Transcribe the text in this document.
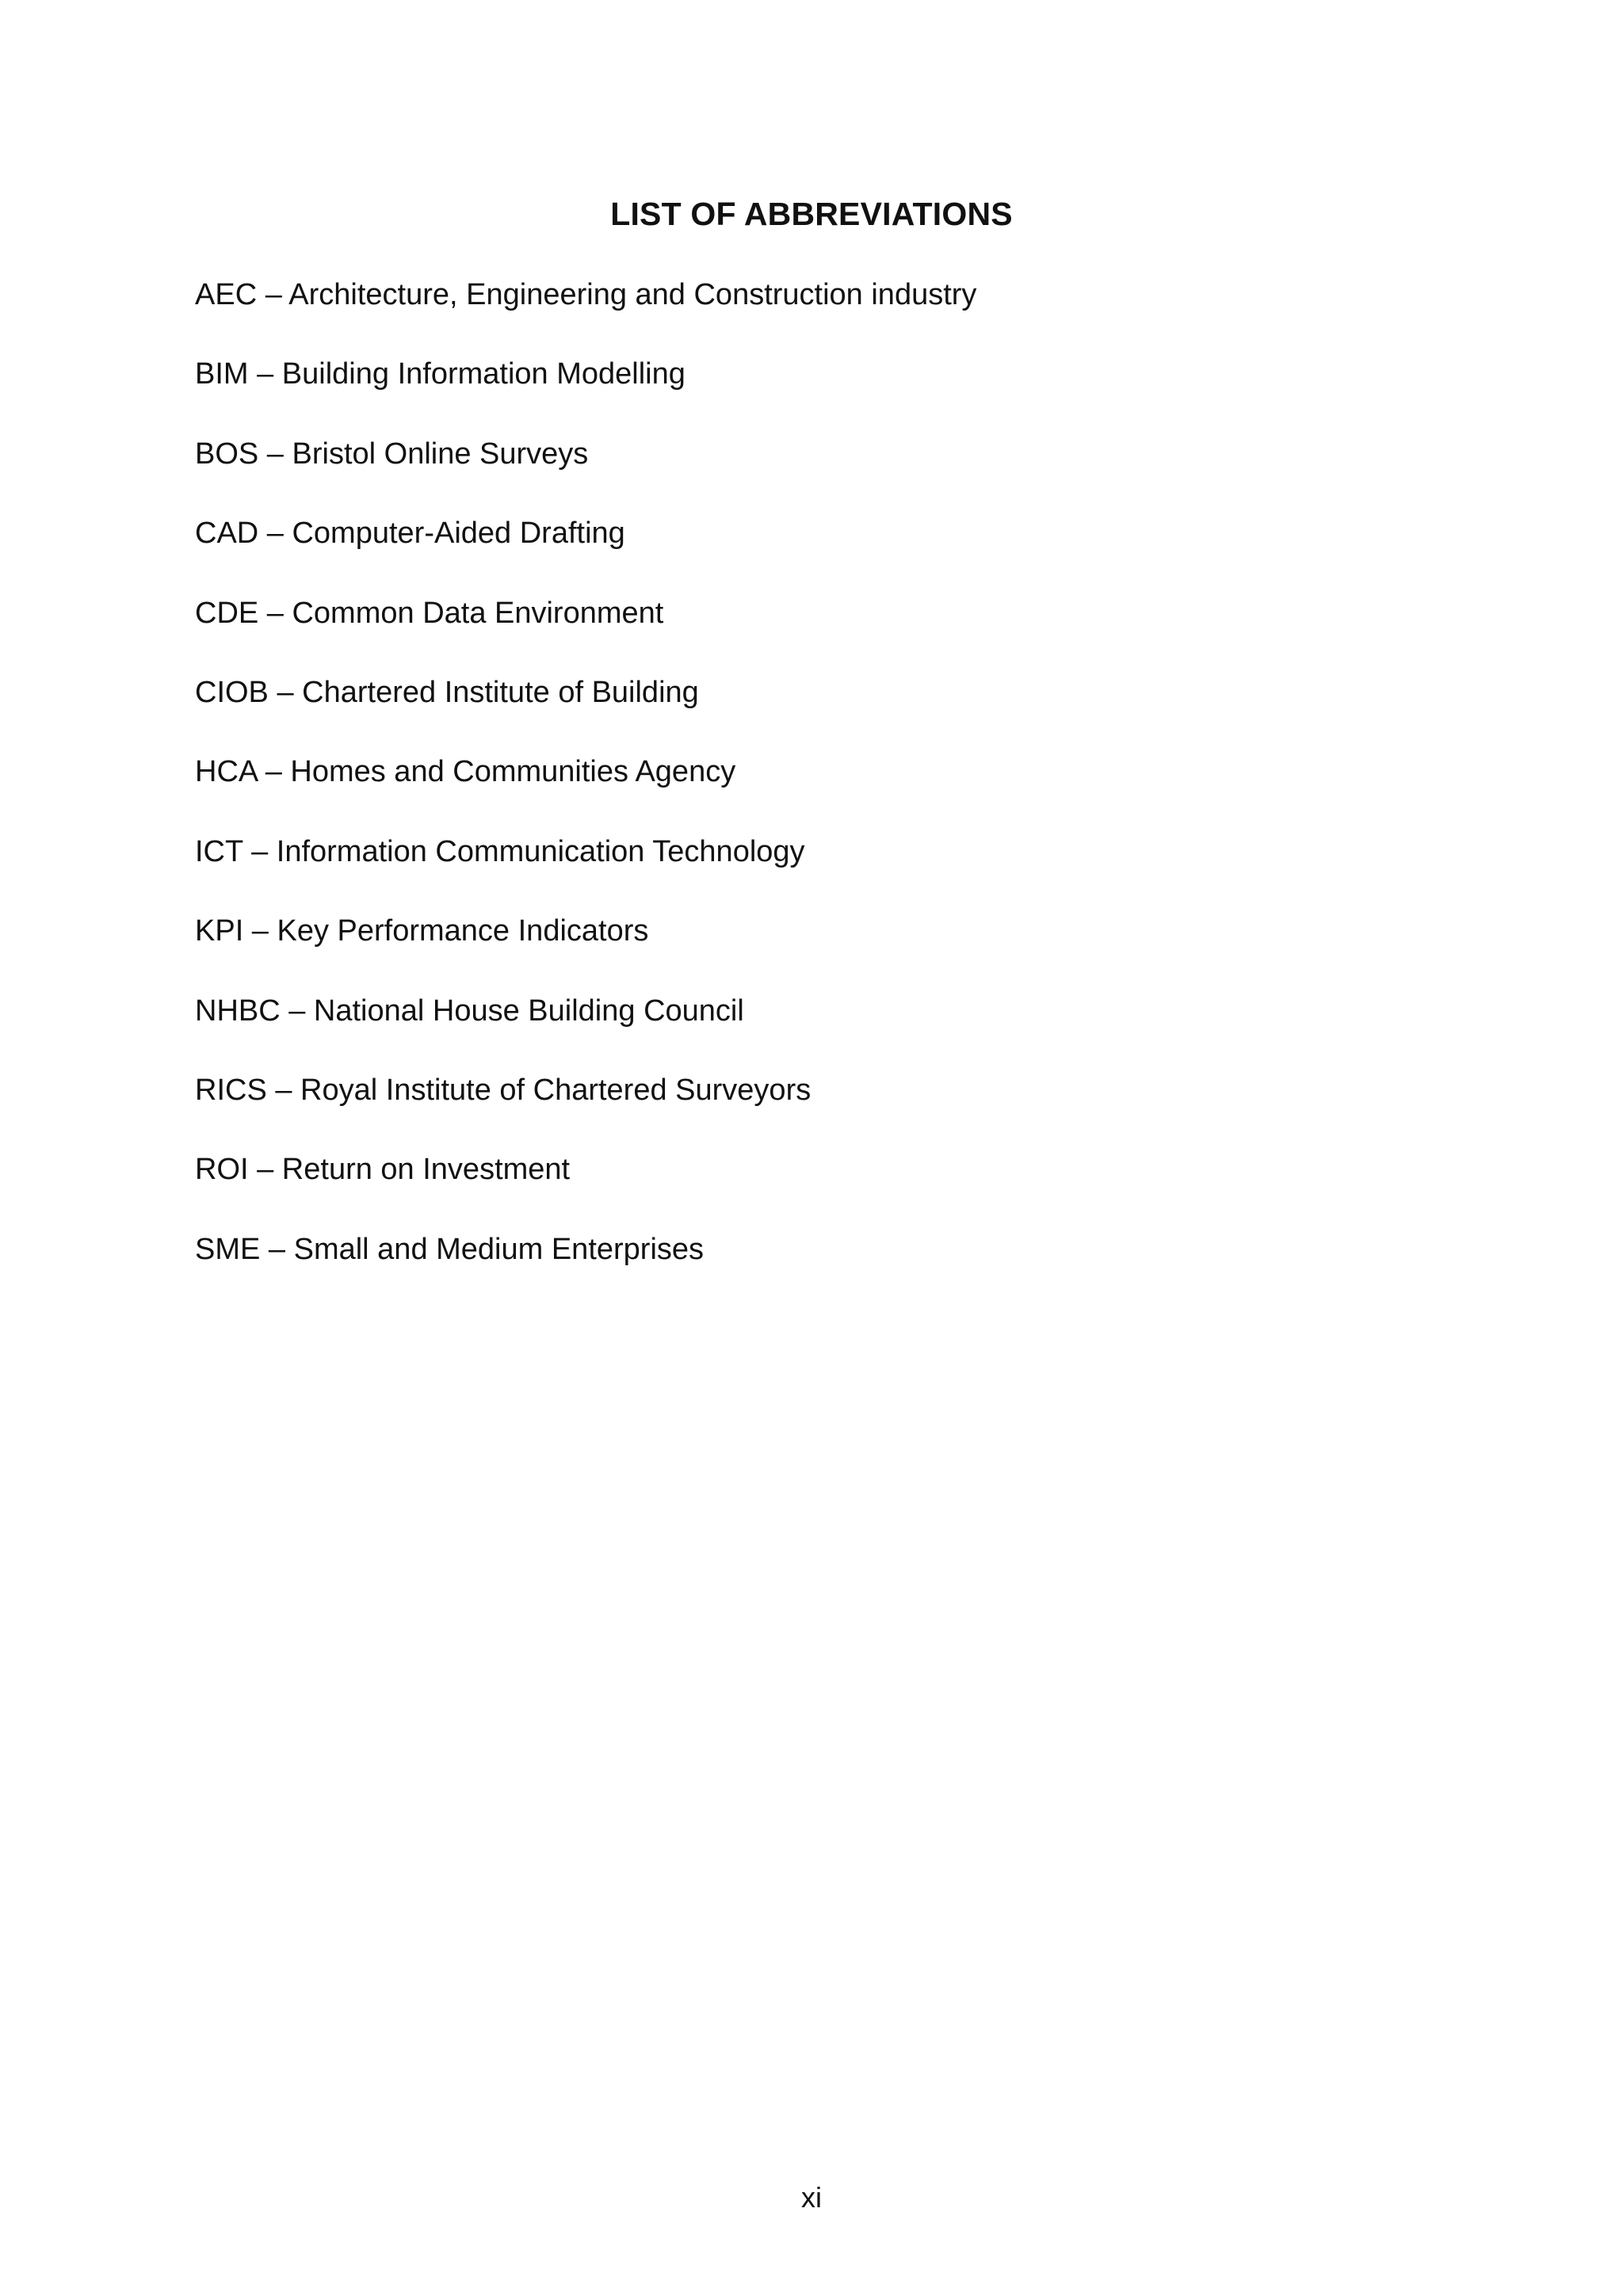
LIST OF ABBREVIATIONS
AEC – Architecture, Engineering and Construction industry
BIM – Building Information Modelling
BOS – Bristol Online Surveys
CAD – Computer-Aided Drafting
CDE – Common Data Environment
CIOB – Chartered Institute of Building
HCA – Homes and Communities Agency
ICT – Information Communication Technology
KPI – Key Performance Indicators
NHBC – National House Building Council
RICS – Royal Institute of Chartered Surveyors
ROI – Return on Investment
SME – Small and Medium Enterprises
xi
